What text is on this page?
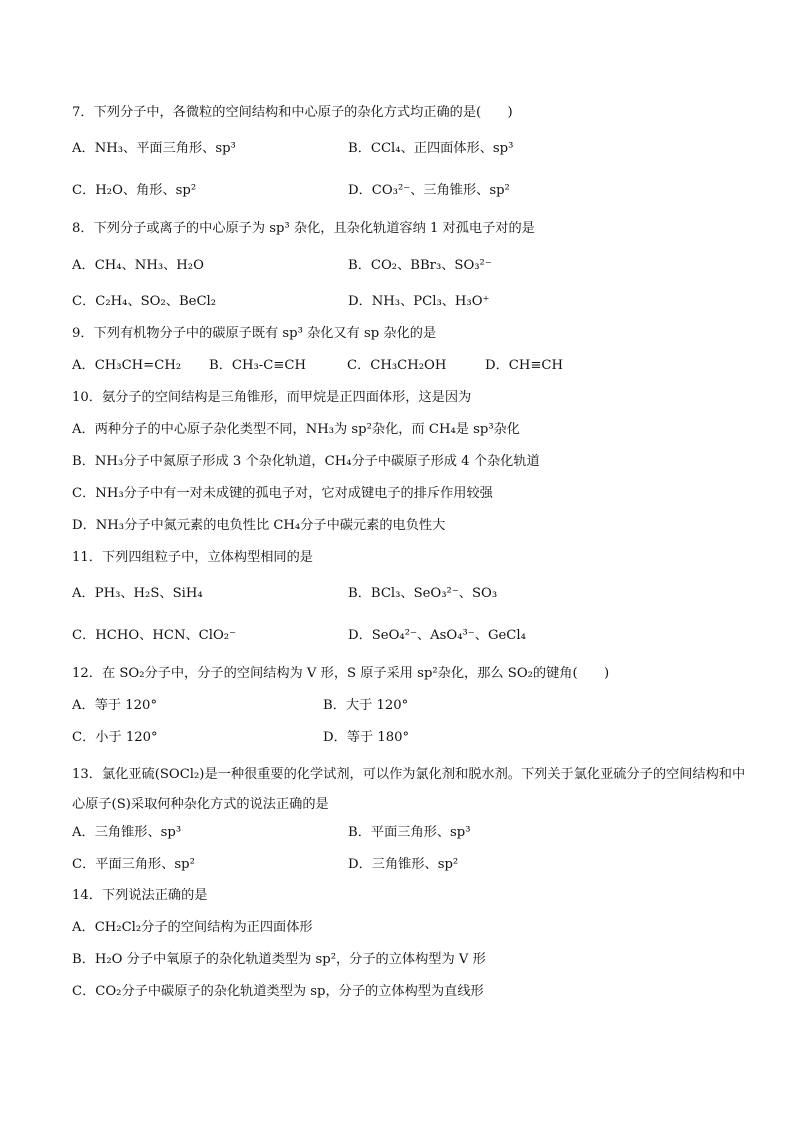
7．下列分子中，各微粒的空间结构和中心原子的杂化方式均正确的是(　　)
A．NH₃、平面三角形、sp³	B．CCl₄、正四面体形、sp³
C．H₂O、角形、sp²	D．CO₃²⁻、三角锥形、sp²
8．下列分子或离子的中心原子为 sp³ 杂化，且杂化轨道容纳 1 对孤电子对的是
A．CH₄、NH₃、H₂O	B．CO₂、BBr₃、SO₃²⁻
C．C₂H₄、SO₂、BeCl₂	D．NH₃、PCl₃、H₃O⁺
9．下列有机物分子中的碳原子既有 sp³ 杂化又有 sp 杂化的是
A．CH₃CH=CH₂ B．CH₃-C≡CH	C．CH₃CH₂OH	D．CH≡CH
10．氨分子的空间结构是三角锥形，而甲烷是正四面体形，这是因为
A．两种分子的中心原子杂化类型不同，NH₃为 sp²杂化，而 CH₄是 sp³杂化
B．NH₃分子中氮原子形成 3 个杂化轨道，CH₄分子中碳原子形成 4 个杂化轨道
C．NH₃分子中有一对未成键的孤电子对，它对成键电子的排斥作用较强
D．NH₃分子中氮元素的电负性比 CH₄分子中碳元素的电负性大
11．下列四组粒子中，立体构型相同的是
A．PH₃、H₂S、SiH₄	B．BCl₃、SeO₃²⁻、SO₃
C．HCHO、HCN、ClO₂⁻	D．SeO₄²⁻、AsO₄³⁻、GeCl₄
12．在 SO₂分子中，分子的空间结构为 V 形，S 原子采用 sp²杂化，那么 SO₂的键角(　　)
A．等于 120°	B．大于 120°
C．小于 120°	D．等于 180°
13．氯化亚硫(SOCl₂)是一种很重要的化学试剂，可以作为氯化剂和脱水剂。下列关于氯化亚硫分子的空间结构和中心原子(S)采取何种杂化方式的说法正确的是
A．三角锥形、sp³	B．平面三角形、sp³
C．平面三角形、sp²	D．三角锥形、sp²
14．下列说法正确的是
A．CH₂Cl₂分子的空间结构为正四面体形
B．H₂O 分子中氧原子的杂化轨道类型为 sp²，分子的立体构型为 V 形
C．CO₂分子中碳原子的杂化轨道类型为 sp，分子的立体构型为直线形
